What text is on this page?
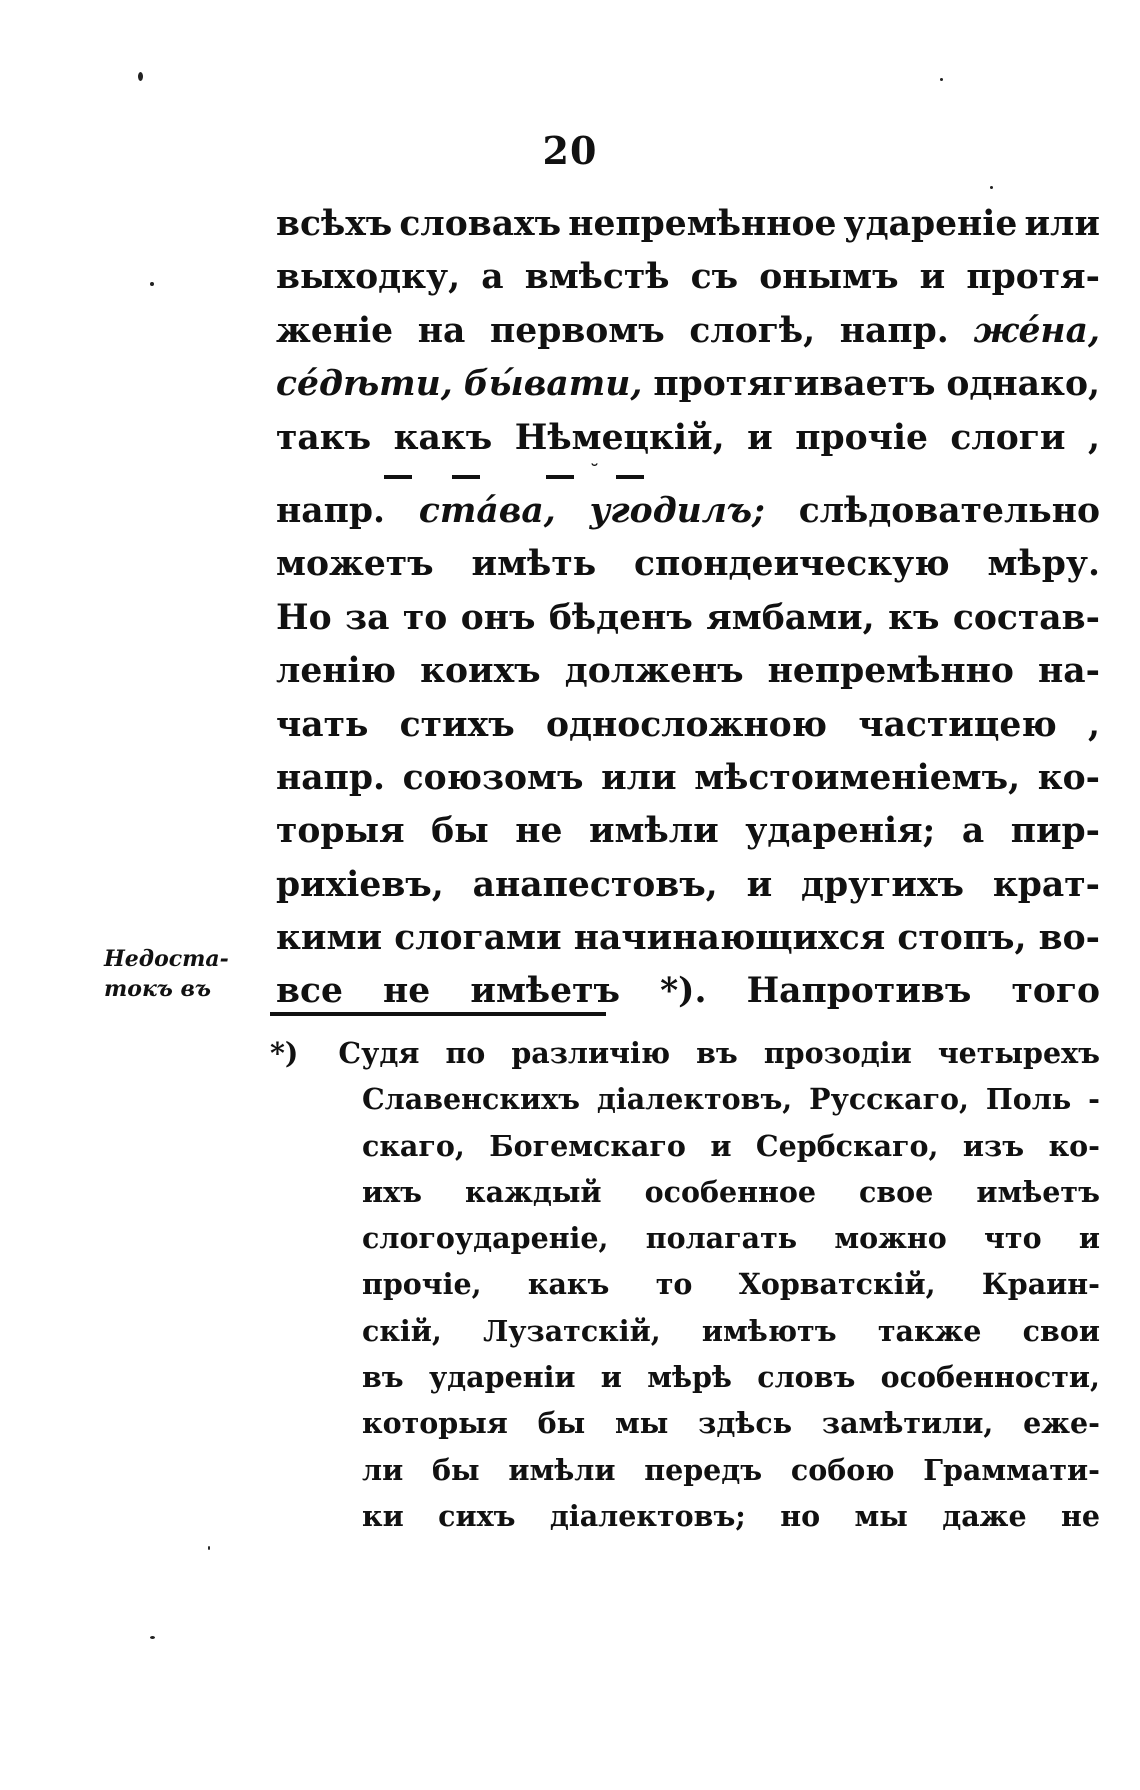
20
всѣхъ словахъ непремѣнное удареніе или
выходку, а вмѣстѣ съ онымъ и протя-
женіе на первомъ слогѣ, напр. жéна,
сéдѣти, бы́вати, протягиваетъ однако,
такъ какъ Нѣмецкій, и прочіе слоги ,
˘
напр. стáва, угодилъ; слѣдовательно
можетъ имѣть спондеическую мѣру.
Но за то онъ бѣденъ ямбами, къ состав-
ленію коихъ долженъ непремѣнно на-
чать стихъ односложною частицею ,
напр. союзомъ или мѣстоименіемъ, ко-
торыя бы не имѣли ударенія; а пир-
рихіевъ, анапестовъ, и другихъ крат-
кими слогами начинающихся стопъ, во-
все не имѣетъ *). Напротивъ того
Недоста-
токъ въ
*) Судя по различію въ прозодіи четырехъ
Славенскихъ діалектовъ, Русскаго, Поль -
скаго, Богемскаго и Сербскаго, изъ ко-
ихъ каждый особенное свое имѣетъ
слогоудареніе, полагать можно что и
прочіе, какъ то Хорватскій, Краин-
скій, Лузатскій, имѣютъ также свои
въ удареніи и мѣрѣ словъ особенности,
которыя бы мы здѣсь замѣтили, еже-
ли бы имѣли передъ собою Граммати-
ки сихъ діалектовъ; но мы даже не
